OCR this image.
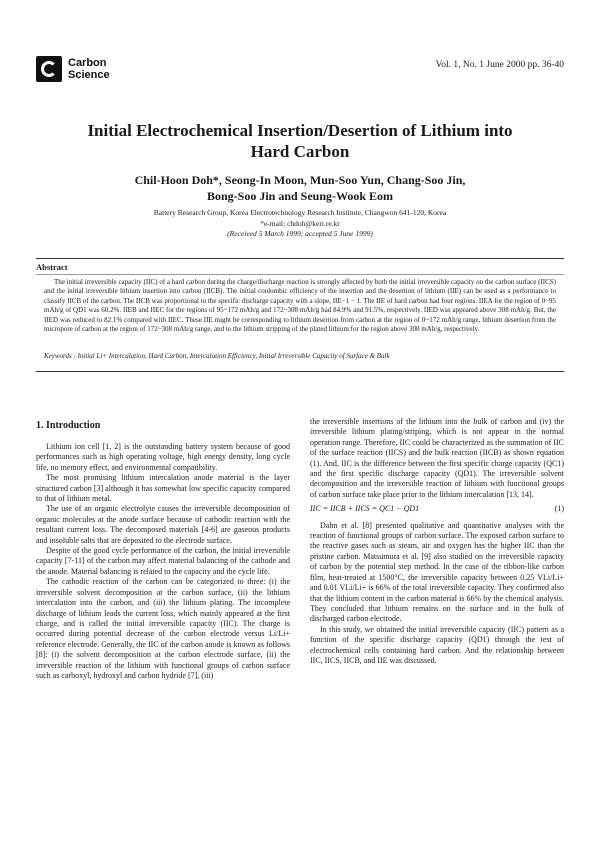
Carbon
Science
Vol. 1, No. 1 June 2000 pp. 36-40
Initial Electrochemical Insertion/Desertion of Lithium into
Hard Carbon
Chil-Hoon Doh*, Seong-In Moon, Mun-Soo Yun, Chang-Soo Jin,
Bong-Soo Jin and Seung-Wook Eom
Battery Research Group, Korea Electrotechnology Research Institute, Changwon 641-120, Korea
*e-mail: chdoh@keri.re.kr
(Received 5 March 1999; accepted 5 June 1999)
Abstract
The initial irreversible capacity (IIC) of a hard carbon during the charge/discharge reaction is strongly affected by both the initial irreversible capacity on the carbon surface (IICS) and the initial irreversible lithium insertion into carbon (IICB). The initial coulombic efficiency of the insertion and the desertion of lithium (IIE) can be used as a performance to classify IICB of the carbon. The IICB was proportional to the specific discharge capacity with a slope, IIE−1 − 1. The IIE of hard carbon had four regions. IIEA for the region of 0~95 mAh/g of QD1 was 60.2%. IIEB and IIEC for the regions of 95~172 mAh/g and 172~308 mAh/g had 84.9% and 91.5%, respectively. IIED was appeared above 308 mAh/g. But, the IIED was reduced to 82.1% compared with IIEC. These IIE might be corresponding to lithium desertion from carbon at the region of 0~172 mAh/g range, lithium desertion from the micropore of carbon at the region of 172~308 mAh/g range, and to the lithium stripping of the plated lithium for the region above 308 mAh/g, respectively.
Keywords : Initial Li+ Intercalation, Hard Carbon, Intercalation Efficiency, Initial Irreversible Capacity of Surface & Bulk
1. Introduction

Lithium ion cell [1, 2] is the outstanding battery system because of good performances such as high operating voltage, high energy density, long cycle life, no memory effect, and environmental compatibility.

The most promising lithium intercalation anode material is the layer structured carbon [3] although it has somewhat low specific capacity compared to that of lithium metal.

The use of an organic electrolyte causes the irreversible decomposition of organic molecules at the anode surface because of cathodic reaction with the resultant current loss. The decomposed materials [4-6] are gaseous products and insoluble salts that are deposited to the electrode surface.

Despite of the good cycle performance of the carbon, the initial irreversible capacity [7-11] of the carbon may affect material balancing of the cathode and the anode. Material balancing is related to the capacity and the cycle life.

The cathodic reaction of the carbon can be categorized to three: (i) the irreversible solvent decomposition at the carbon surface, (ii) the lithium intercalation into the carbon, and (iii) the lithium plating. The incomplete discharge of lithium leads the current loss, which mainly appeared at the first charge, and is called the initial irreversible capacity (IIC). The charge is occurred during potential decrease of the carbon electrode versus Li/Li+ reference electrode. Generally, the IIC of the carbon anode is known as follows [8]: (i) the solvent decomposition at the carbon electrode surface, (ii) the irreversible reaction of the lithium with functional groups of carbon surface such as carboxyl, hydroxyl and carbon hydride [7], (iii)

the irreversible insertions of the lithium into the bulk of carbon and (iv) the irreversible lithium plating/striping, which is not appear in the normal operation range. Therefore, IIC could be characterized as the summation of IIC of the surface reaction (IICS) and the bulk reaction (IICB) as shown equation (1). And, IIC is the difference between the first specific charge capacity (QC1) and the first specific discharge capacity (QD1). The irreversible solvent decomposition and the irreversible reaction of lithium with functional groups of carbon surface take place prior to the lithium intercalation [13, 14].

IIC = IICB + IICS = QC1 − QD1	(1)

Dahn et al. [8] presented qualitative and quantitative analyses with the reaction of functional groups of carbon surface. The exposed carbon surface to the reactive gases such as steam, air and oxygen has the higher IIC than the pristine carbon. Matsumura et al. [9] also studied on the irreversible capacity of carbon by the potential step method. In the case of the ribbon-like carbon film, heat-treated at 1500°C, the irreversible capacity between 0.25 VLi/Li+ and 0.01 VLi/Li+ is 66% of the total irreversible capacity. They confirmed also that the lithium content in the carbon material is 66% by the chemical analysis. They concluded that lithium remains on the surface and in the bulk of discharged carbon electrode.

In this study, we obtained the initial irreversible capacity (IIC) pattern as a function of the specific discharge capacity (QD1) through the test of electrochemical cells containing hard carbon. And the relationship between IIC, IICS, IICB, and IIE was discussed.
